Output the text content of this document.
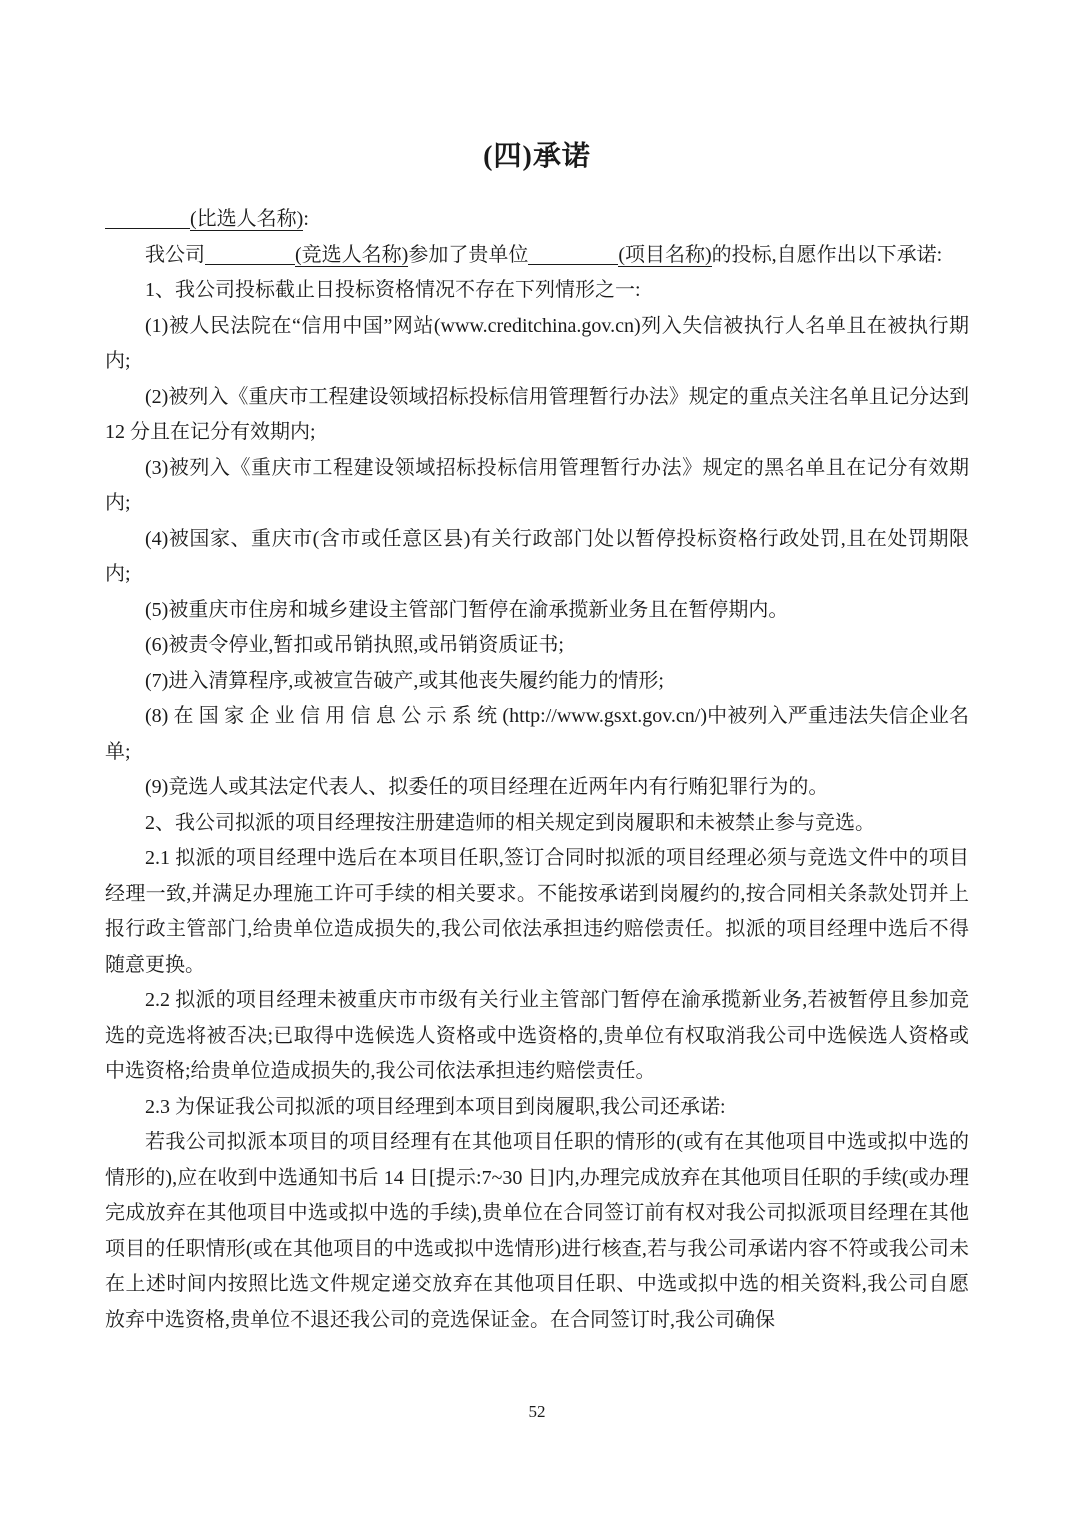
(四)承诺

(比选人名称):

我公司	(竞选人名称)参加了贵单位	(项目名称)的投标,自愿作出以下承诺:

1、我公司投标截止日投标资格情况不存在下列情形之一:

(1)被人民法院在“信用中国”网站(www.creditchina.gov.cn)列入失信被执行人名单且在被执行期内;

(2)被列入《重庆市工程建设领域招标投标信用管理暂行办法》规定的重点关注名单且记分达到 12 分且在记分有效期内;

(3)被列入《重庆市工程建设领域招标投标信用管理暂行办法》规定的黑名单且在记分有效期内;

(4)被国家、重庆市(含市或任意区县)有关行政部门处以暂停投标资格行政处罚,且在处罚期限内;

(5)被重庆市住房和城乡建设主管部门暂停在渝承揽新业务且在暂停期内。

(6)被责令停业,暂扣或吊销执照,或吊销资质证书;

(7)进入清算程序,或被宣告破产,或其他丧失履约能力的情形;

(8) 在 国 家 企 业 信 用 信 息 公 示 系 统 (http://www.gsxt.gov.cn/)中被列入严重违法失信企业名单;

(9)竞选人或其法定代表人、拟委任的项目经理在近两年内有行贿犯罪行为的。

2、我公司拟派的项目经理按注册建造师的相关规定到岗履职和未被禁止参与竞选。

2.1 拟派的项目经理中选后在本项目任职,签订合同时拟派的项目经理必须与竞选文件中的项目经理一致,并满足办理施工许可手续的相关要求。不能按承诺到岗履约的,按合同相关条款处罚并上报行政主管部门,给贵单位造成损失的,我公司依法承担违约赔偿责任。拟派的项目经理中选后不得随意更换。

2.2 拟派的项目经理未被重庆市市级有关行业主管部门暂停在渝承揽新业务,若被暂停且参加竞选的竞选将被否决;已取得中选候选人资格或中选资格的,贵单位有权取消我公司中选候选人资格或中选资格;给贵单位造成损失的,我公司依法承担违约赔偿责任。

2.3 为保证我公司拟派的项目经理到本项目到岗履职,我公司还承诺:

若我公司拟派本项目的项目经理有在其他项目任职的情形的(或有在其他项目中选或拟中选的情形的),应在收到中选通知书后 14 日[提示:7~30 日]内,办理完成放弃在其他项目任职的手续(或办理完成放弃在其他项目中选或拟中选的手续),贵单位在合同签订前有权对我公司拟派项目经理在其他项目的任职情形(或在其他项目的中选或拟中选情形)进行核查,若与我公司承诺内容不符或我公司未在上述时间内按照比选文件规定递交放弃在其他项目任职、中选或拟中选的相关资料,我公司自愿放弃中选资格,贵单位不退还我公司的竞选保证金。在合同签订时,我公司确保

52
